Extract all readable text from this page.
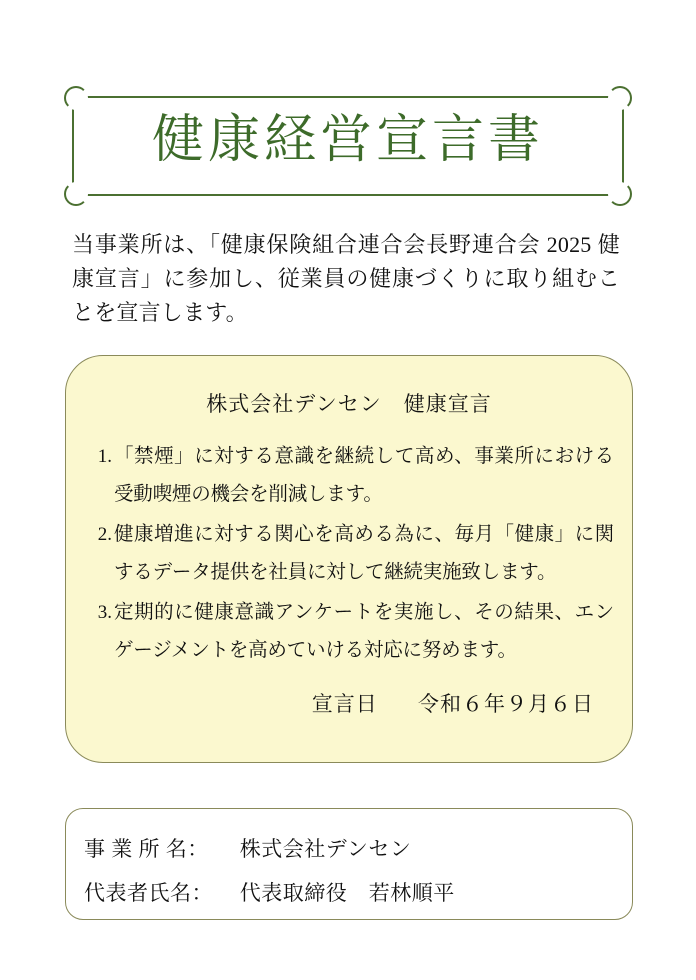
健康経営宣言書
当事業所は、「健康保険組合連合会長野連合会 2025 健康宣言」に参加し、従業員の健康づくりに取り組むことを宣言します。
株式会社デンセン　健康宣言
1. 「禁煙」に対する意識を継続して高め、事業所における受動喫煙の機会を削減します。
2. 健康増進に対する関心を高める為に、毎月「健康」に関するデータ提供を社員に対して継続実施致します。
3. 定期的に健康意識アンケートを実施し、その結果、エンゲージメントを高めていける対応に努めます。
宣言日 令和６年９月６日
事 業 所 名： 株式会社デンセン
代表者氏名： 代表取締役　若林順平
